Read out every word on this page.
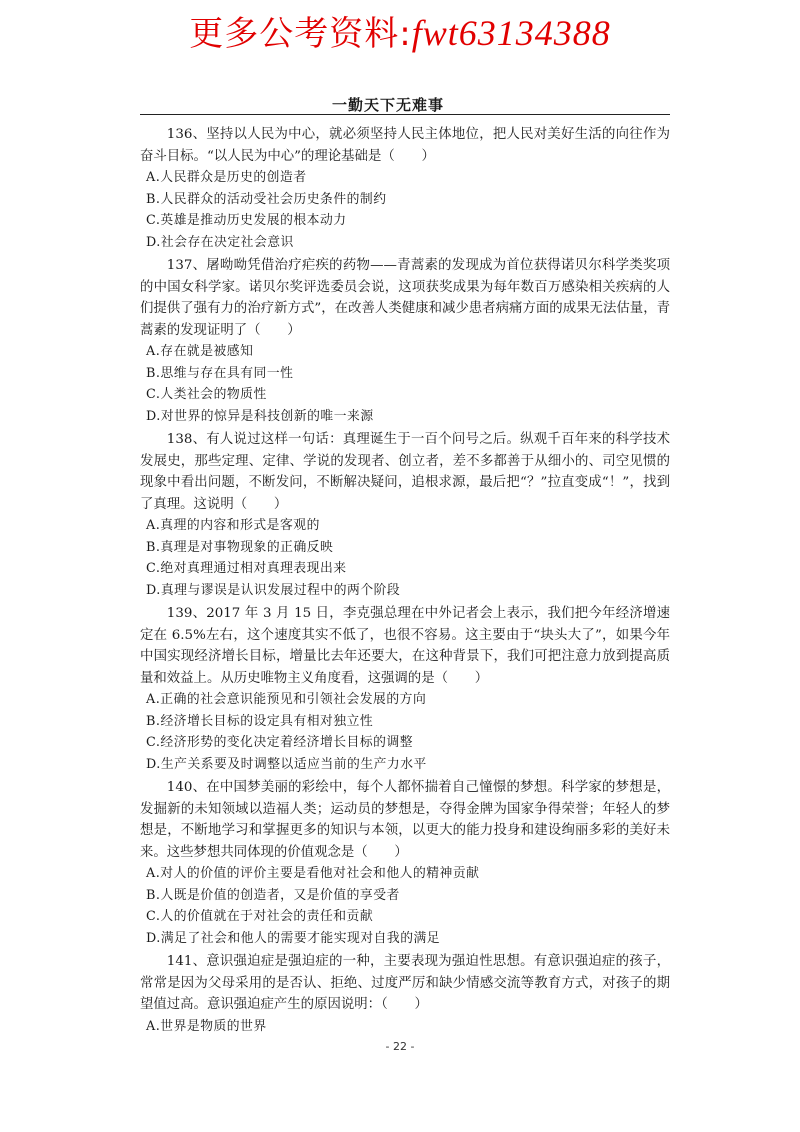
更多公考资料:fwt63134388
一勤天下无难事

136、坚持以人民为中心，就必须坚持人民主体地位，把人民对美好生活的向往作为奋斗目标。“以人民为中心”的理论基础是（　　）

A.人民群众是历史的创造者
B.人民群众的活动受社会历史条件的制约
C.英雄是推动历史发展的根本动力
D.社会存在决定社会意识

137、屠呦呦凭借治疗疟疾的药物——青蒿素的发现成为首位获得诺贝尔科学类奖项的中国女科学家。诺贝尔奖评选委员会说，这项获奖成果为每年数百万感染相关疾病的人们提供了强有力的治疗新方式”，在改善人类健康和减少患者病痛方面的成果无法估量，青蒿素的发现证明了（　　）

A.存在就是被感知
B.思维与存在具有同一性
C.人类社会的物质性
D.对世界的惊异是科技创新的唯一来源

138、有人说过这样一句话：真理诞生于一百个问号之后。纵观千百年来的科学技术发展史，那些定理、定律、学说的发现者、创立者，差不多都善于从细小的、司空见惯的现象中看出问题，不断发问，不断解决疑问，追根求源，最后把“？”拉直变成“！”，找到了真理。这说明（　　）

A.真理的内容和形式是客观的
B.真理是对事物现象的正确反映
C.绝对真理通过相对真理表现出来
D.真理与谬误是认识发展过程中的两个阶段

139、2017 年 3 月 15 日，李克强总理在中外记者会上表示，我们把今年经济增速定在 6.5%左右，这个速度其实不低了，也很不容易。这主要由于“块头大了”，如果今年中国实现经济增长目标，增量比去年还要大，在这种背景下，我们可把注意力放到提高质量和效益上。从历史唯物主义角度看，这强调的是（　　）

A.正确的社会意识能预见和引领社会发展的方向
B.经济增长目标的设定具有相对独立性
C.经济形势的变化决定着经济增长目标的调整
D.生产关系要及时调整以适应当前的生产力水平

140、在中国梦美丽的彩绘中，每个人都怀揣着自己憧憬的梦想。科学家的梦想是，发掘新的未知领域以造福人类；运动员的梦想是，夺得金牌为国家争得荣誉；年轻人的梦想是，不断地学习和掌握更多的知识与本领，以更大的能力投身和建设绚丽多彩的美好未来。这些梦想共同体现的价值观念是（　　）

A.对人的价值的评价主要是看他对社会和他人的精神贡献
B.人既是价值的创造者，又是价值的享受者
C.人的价值就在于对社会的责任和贡献
D.满足了社会和他人的需要才能实现对自我的满足

141、意识强迫症是强迫症的一种，主要表现为强迫性思想。有意识强迫症的孩子，常常是因为父母采用的是否认、拒绝、过度严厉和缺少情感交流等教育方式，对孩子的期望值过高。意识强迫症产生的原因说明：（　　）

A.世界是物质的世界
- 22 -
